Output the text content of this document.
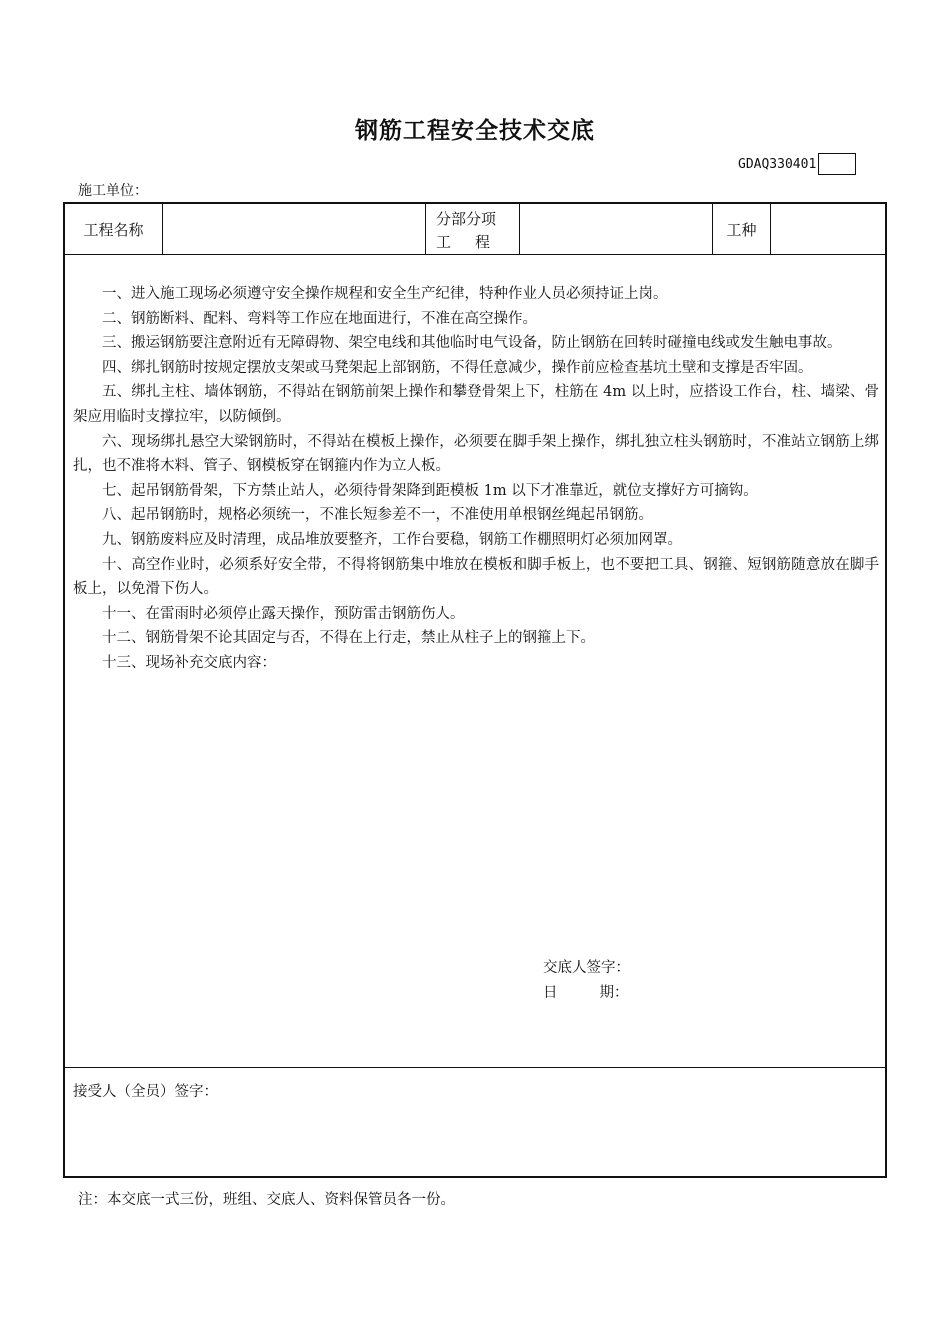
钢筋工程安全技术交底
GDAQ330401
施工单位：
工程名称
分部分项
工程
工种

一、进入施工现场必须遵守安全操作规程和安全生产纪律，特种作业人员必须持证上岗。

二、钢筋断料、配料、弯料等工作应在地面进行，不准在高空操作。

三、搬运钢筋要注意附近有无障碍物、架空电线和其他临时电气设备，防止钢筋在回转时碰撞电线或发生触电事故。

四、绑扎钢筋时按规定摆放支架或马凳架起上部钢筋，不得任意减少，操作前应检查基坑土壁和支撑是否牢固。

五、绑扎主柱、墙体钢筋，不得站在钢筋前架上操作和攀登骨架上下，柱筋在 4m 以上时，应搭设工作台，柱、墙梁、骨架应用临时支撑拉牢，以防倾倒。

六、现场绑扎悬空大梁钢筋时，不得站在模板上操作，必须要在脚手架上操作，绑扎独立柱头钢筋时，不准站立钢筋上绑扎，也不准将木料、管子、钢模板穿在钢箍内作为立人板。

七、起吊钢筋骨架，下方禁止站人，必须待骨架降到距模板 1m 以下才准靠近，就位支撑好方可摘钩。

八、起吊钢筋时，规格必须统一，不准长短参差不一，不准使用单根钢丝绳起吊钢筋。

九、钢筋废料应及时清理，成品堆放要整齐，工作台要稳，钢筋工作棚照明灯必须加网罩。

十、高空作业时，必须系好安全带，不得将钢筋集中堆放在模板和脚手板上，也不要把工具、钢箍、短钢筋随意放在脚手板上，以免滑下伤人。

十一、在雷雨时必须停止露天操作，预防雷击钢筋伤人。

十二、钢筋骨架不论其固定与否，不得在上行走，禁止从柱子上的钢箍上下。

十三、现场补充交底内容：

交底人签字：
日	期：
接受人（全员）签字：
注：本交底一式三份，班组、交底人、资料保管员各一份。
